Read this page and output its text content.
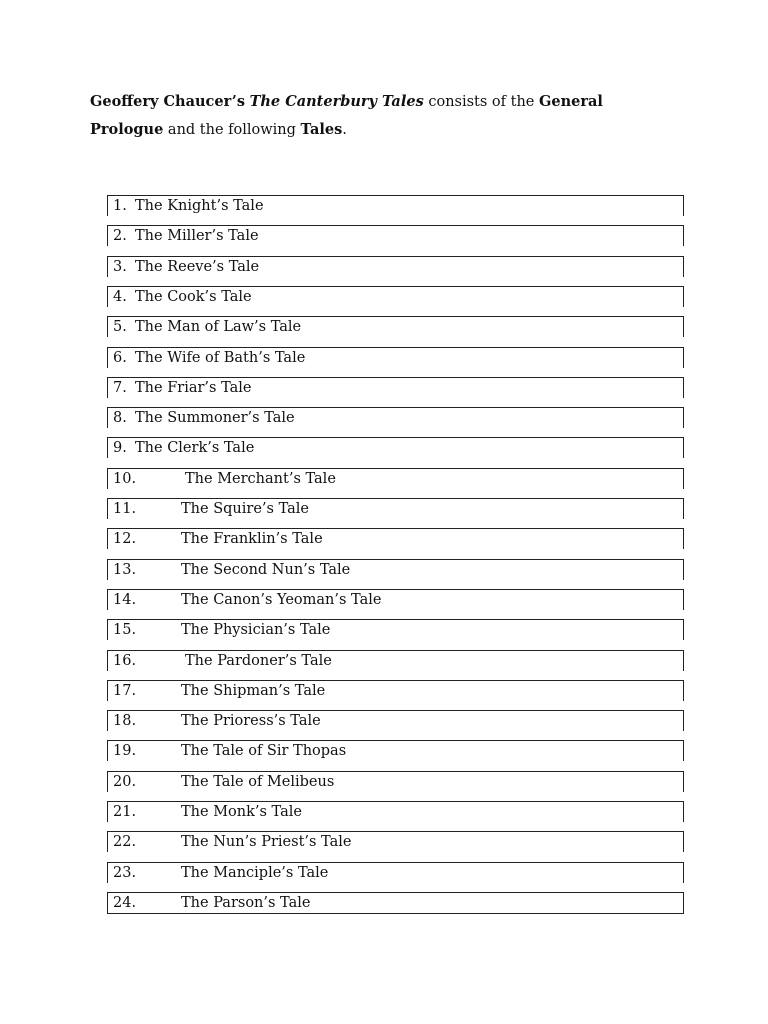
Geoffery Chaucer’s The Canterbury Tales consists of the General Prologue and the following Tales.

1. The Knight’s Tale
2. The Miller’s Tale
3. The Reeve’s Tale
4. The Cook’s Tale
5. The Man of Law’s Tale
6. The Wife of Bath’s Tale
7. The Friar’s Tale
8. The Summoner’s Tale
9. The Clerk’s Tale
10.	The Merchant’s Tale
11.	The Squire’s Tale
12.	The Franklin’s Tale
13.	The Second Nun’s Tale
14.	The Canon’s Yeoman’s Tale
15.	The Physician’s Tale
16.	The Pardoner’s Tale
17.	The Shipman’s Tale
18.	The Prioress’s Tale
19.	The Tale of Sir Thopas
20.	The Tale of Melibeus
21.	The Monk’s Tale
22.	The Nun’s Priest’s Tale
23.	The Manciple’s Tale
24.	The Parson’s Tale
